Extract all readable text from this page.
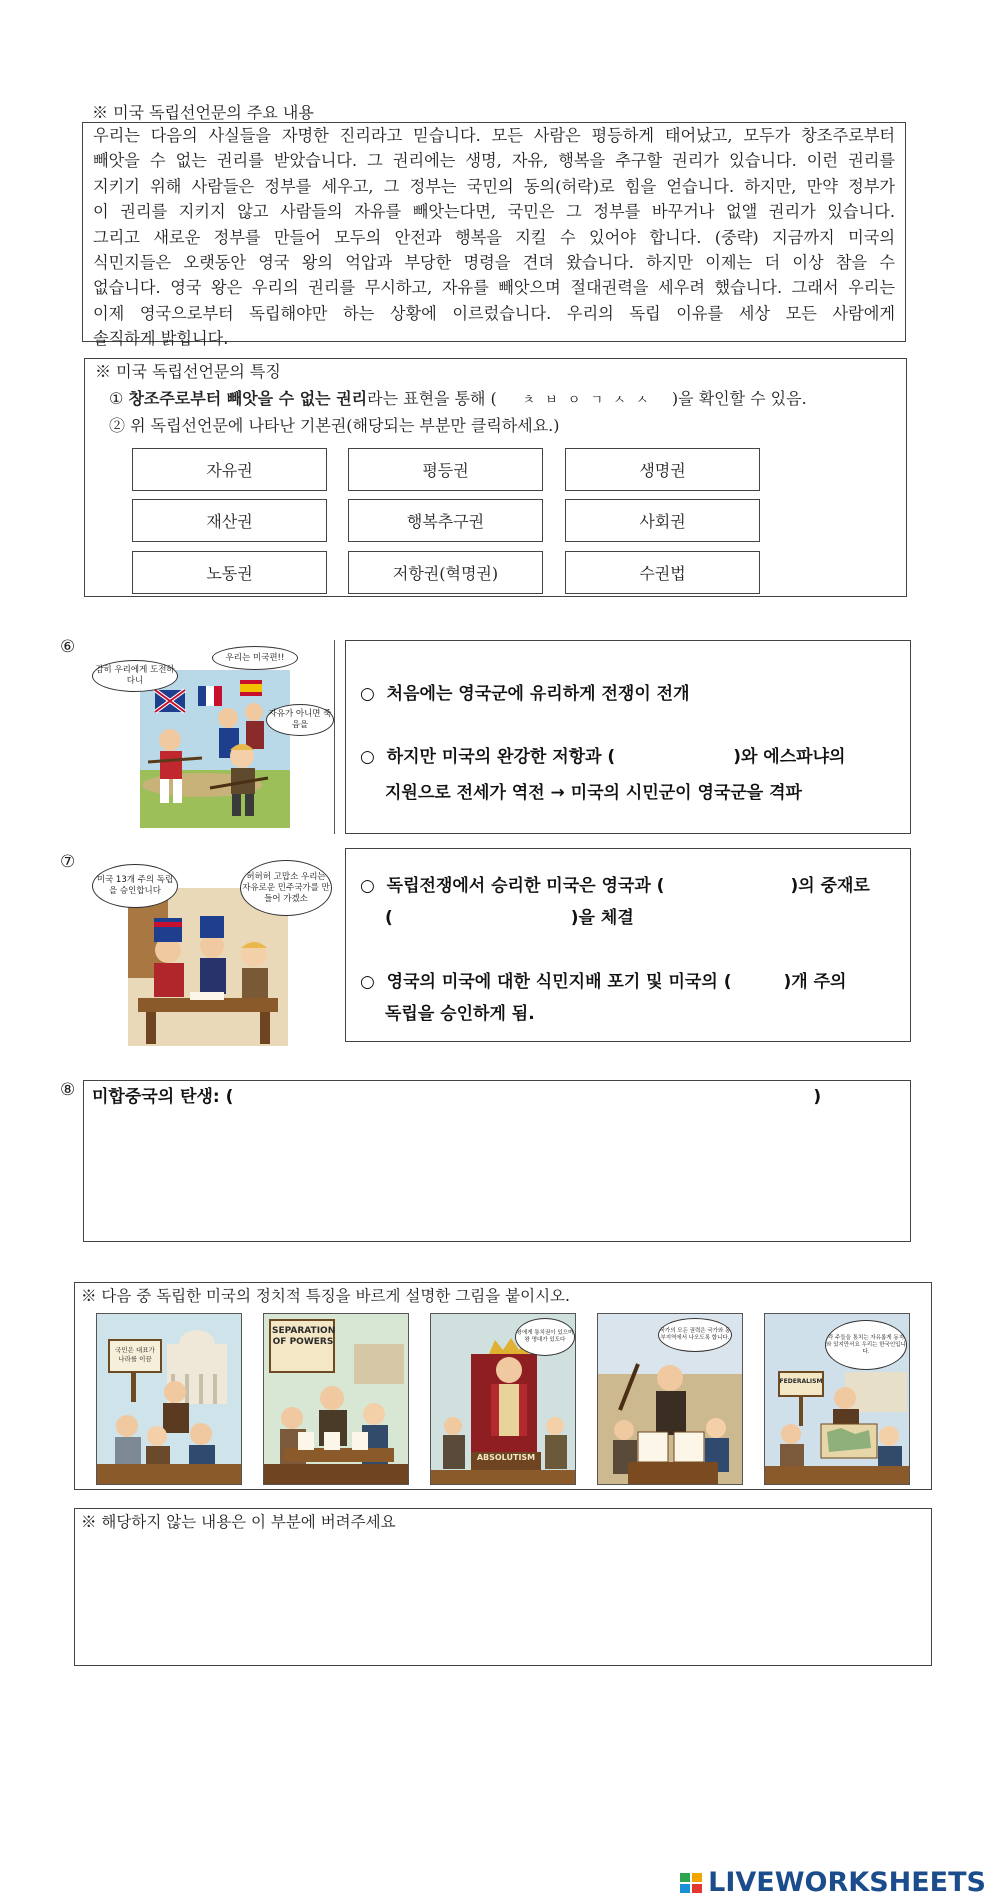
※ 미국 독립선언문의 주요 내용

우리는 다음의 사실들을 자명한 진리라고 믿습니다. 모든 사람은 평등하게 태어났고, 모두가 창조주로부터

빼앗을 수 없는 권리를 받았습니다. 그 권리에는 생명, 자유, 행복을 추구할 권리가 있습니다. 이런 권리를

지키기 위해 사람들은 정부를 세우고, 그 정부는 국민의 동의(허락)로 힘을 얻습니다. 하지만, 만약 정부가

이 권리를 지키지 않고 사람들의 자유를 빼앗는다면, 국민은 그 정부를 바꾸거나 없앨 권리가 있습니다.

그리고 새로운 정부를 만들어 모두의 안전과 행복을 지킬 수 있어야 합니다. (중략) 지금까지 미국의

식민지들은 오랫동안 영국 왕의 억압과 부당한 명령을 견뎌 왔습니다. 하지만 이제는 더 이상 참을 수

없습니다. 영국 왕은 우리의 권리를 무시하고, 자유를 빼앗으며 절대권력을 세우려 했습니다. 그래서 우리는

이제 영국으로부터 독립해야만 하는 상황에 이르렀습니다. 우리의 독립 이유를 세상 모든 사람에게

솔직하게 밝힙니다.

※ 미국 독립선언문의 특징
① 창조주로부터 빼앗을 수 없는 권리라는 표현을 통해 ( ㅊ ㅂ ㅇ ㄱ ㅅ ㅅ )을 확인할 수 있음.
② 위 독립선언문에 나타난 기본권(해당되는 부분만 클릭하세요.)
자유권	평등권	생명권
재산권	행복추구권	사회권
노동권	저항권(혁명권)	수권법
⑥
감히 우리에게 도전하다니
우리는 미국편!!
자유가 아니면 죽음을
○  처음에는 영국군에 유리하게 전쟁이 전개
○  하지만 미국의 완강한 저항과 (	)와 에스파냐의
지원으로 전세가 역전 → 미국의 시민군이 영국군을 격파
⑦
미국 13개 주의 독립을 승인합니다
허허허 고맙소 우리는 자유로운 민주국가를 만들어 가겠소
○  독립전쟁에서 승리한 미국은 영국과 (	)의 중재로
(	)을 체결
○  영국의 미국에 대한 식민지배 포기 및 미국의 (	)개 주의
독립을 승인하게 됨.
⑧ 미합중국의 탄생: (	)
※ 다음 중 독립한 미국의 정치적 특징을 바르게 설명한 그림을 붙이시오.
국민은 대표가 나라를 이끔
SEPARATION OF POWERS
ABSOLUTISM
왕에게 통치권이 있으며 왕 명대가 있도다
국가의 모든 권력은 국가와 동부지역에서 나오도록 합니다.
FEDERALISM
각 주들을 통치는 자유롭게 동지와 있지만서요 우리는 한국인입니다.
※ 해당하지 않는 내용은 이 부분에 버려주세요
LIVEWORKSHEETS
